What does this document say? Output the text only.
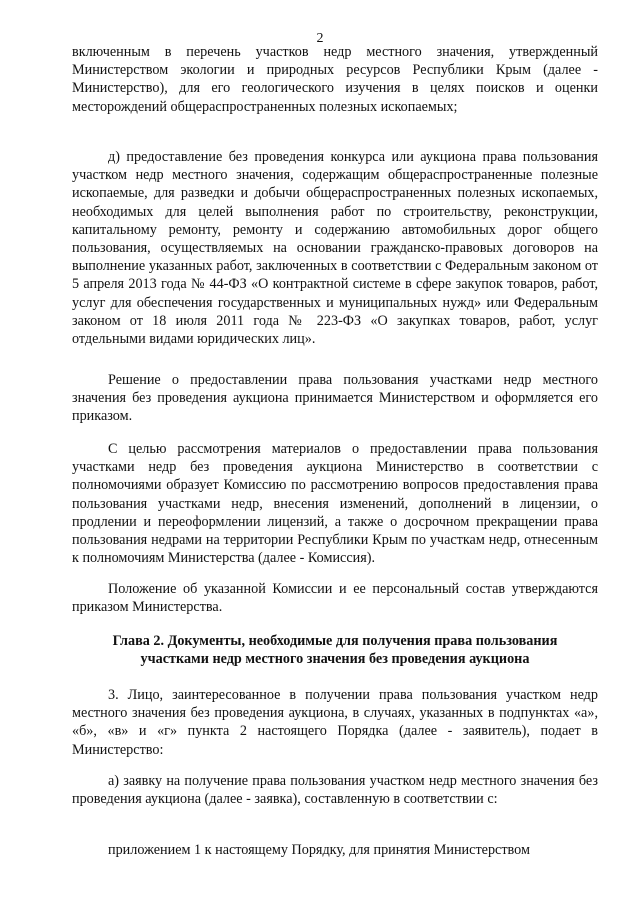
2

включенным в перечень участков недр местного значения, утвержденный Министерством экологии и природных ресурсов Республики Крым (далее - Министерство), для его геологического изучения в целях поисков и оценки месторождений общераспространенных полезных ископаемых;

д) предоставление без проведения конкурса или аукциона права пользования участком недр местного значения, содержащим общераспространенные полезные ископаемые, для разведки и добычи общераспространенных полезных ископаемых, необходимых для целей выполнения работ по строительству, реконструкции, капитальному ремонту, ремонту и содержанию автомобильных дорог общего пользования, осуществляемых на основании гражданско-правовых договоров на выполнение указанных работ, заключенных в соответствии с Федеральным законом от 5 апреля 2013 года № 44-ФЗ «О контрактной системе в сфере закупок товаров, работ, услуг для обеспечения государственных и муниципальных нужд» или Федеральным законом от 18 июля 2011 года № 223-ФЗ «О закупках товаров, работ, услуг отдельными видами юридических лиц».

Решение о предоставлении права пользования участками недр местного значения без проведения аукциона принимается Министерством и оформляется его приказом.

С целью рассмотрения материалов о предоставлении права пользования участками недр без проведения аукциона Министерство в соответствии с полномочиями образует Комиссию по рассмотрению вопросов предоставления права пользования участками недр, внесения изменений, дополнений в лицензии, о продлении и переоформлении лицензий, а также о досрочном прекращении права пользования недрами на территории Республики Крым по участкам недр, отнесенным к полномочиям Министерства (далее - Комиссия).

Положение об указанной Комиссии и ее персональный состав утверждаются приказом Министерства.

Глава 2. Документы, необходимые для получения права пользования
участками недр местного значения без проведения аукциона

3. Лицо, заинтересованное в получении права пользования участком недр местного значения без проведения аукциона, в случаях, указанных в подпунктах «а», «б», «в» и «г» пункта 2 настоящего Порядка (далее - заявитель), подает в Министерство:

а) заявку на получение права пользования участком недр местного значения без проведения аукциона (далее - заявка), составленную в соответствии с:

приложением 1 к настоящему Порядку, для принятия Министерством
